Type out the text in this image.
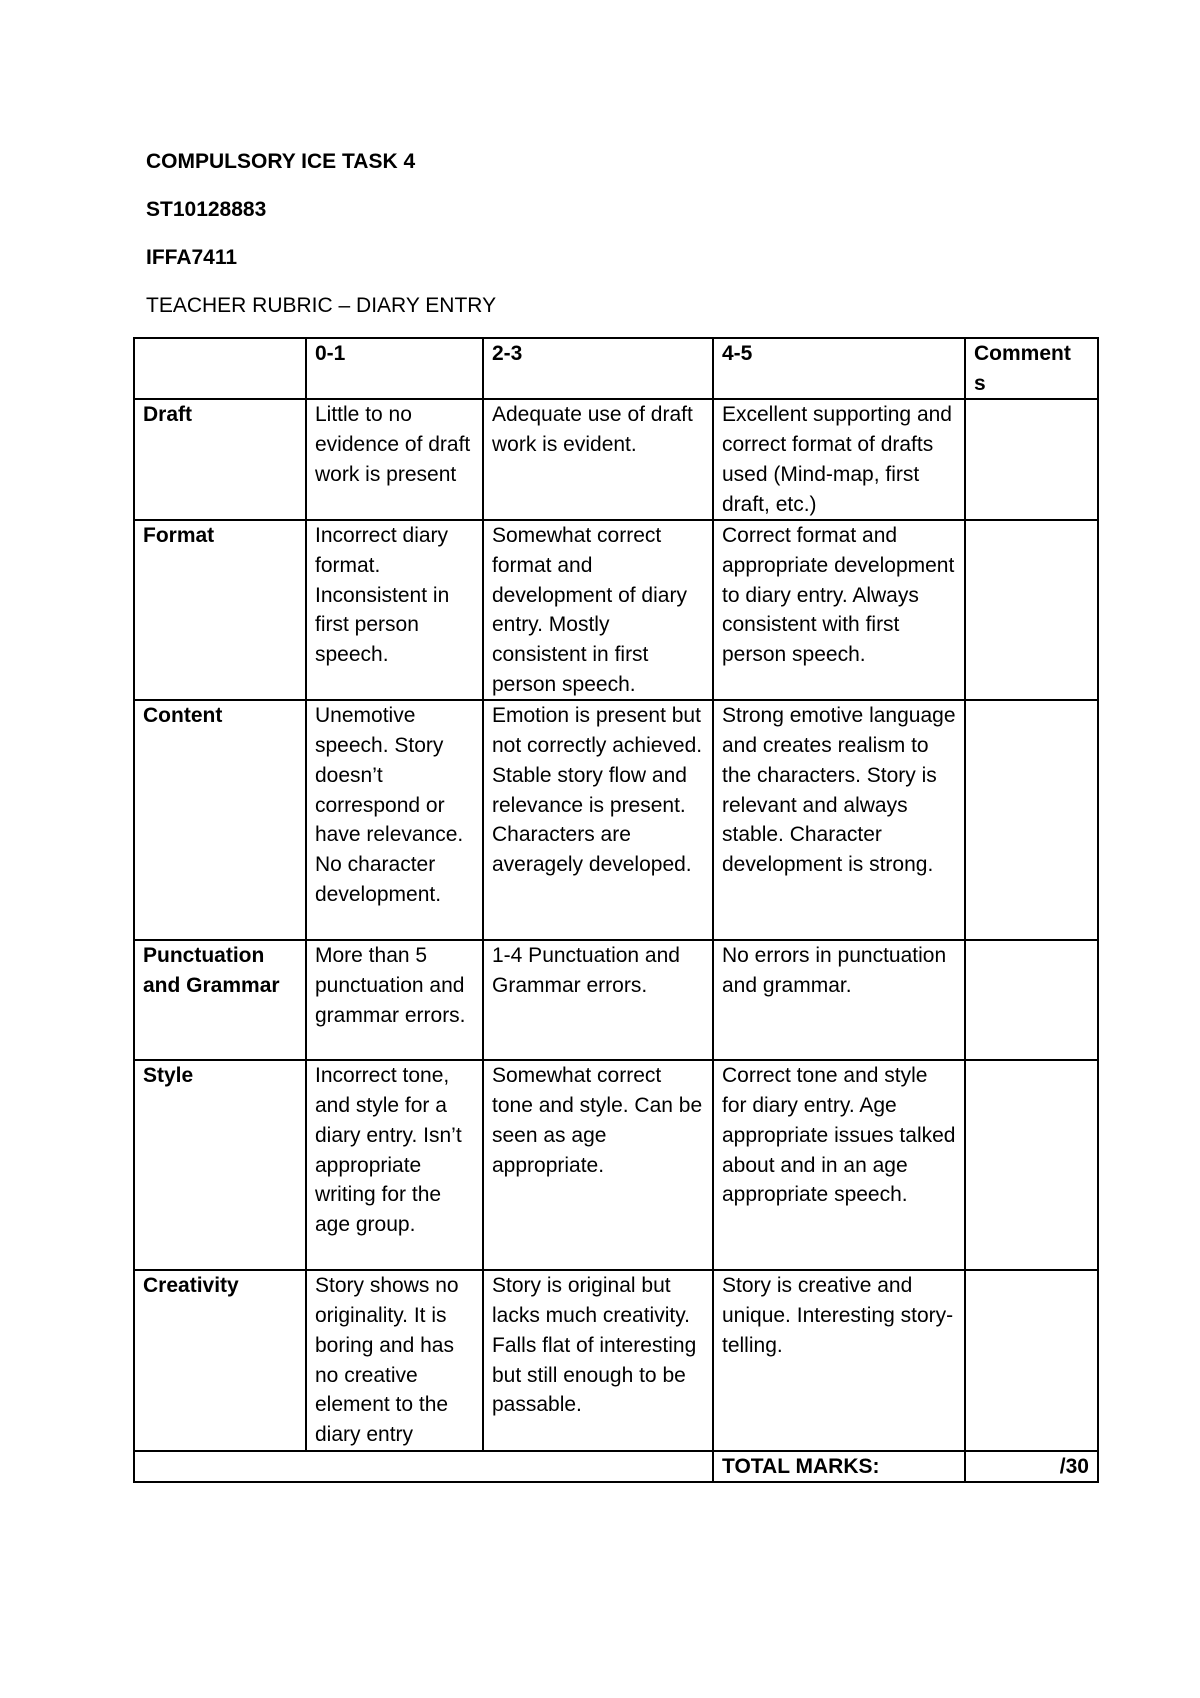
COMPULSORY ICE TASK 4
ST10128883
IFFA7411
TEACHER RUBRIC – DIARY ENTRY
	0-1	2-3	4-5	Comment
s
Draft	Little to no evidence of draft work is present	Adequate use of draft work is evident.	Excellent supporting and correct format of drafts used (Mind-map, first draft, etc.)	
Format	Incorrect diary format. Inconsistent in first person speech.	Somewhat correct format and development of diary entry. Mostly consistent in first person speech.	Correct format and appropriate development to diary entry. Always consistent with first person speech.	
Content	Unemotive speech. Story doesn’t correspond or have relevance. No character development.	Emotion is present but not correctly achieved. Stable story flow and relevance is present. Characters are averagely developed.	Strong emotive language and creates realism to the characters. Story is relevant and always stable. Character development is strong.	
Punctuation and Grammar	More than 5 punctuation and grammar errors.	1-4 Punctuation and Grammar errors.	No errors in punctuation and grammar.	
Style	Incorrect tone, and style for a diary entry. Isn’t appropriate writing for the age group.	Somewhat correct tone and style. Can be seen as age appropriate.	Correct tone and style for diary entry. Age appropriate issues talked about and in an age appropriate speech.	
Creativity	Story shows no originality. It is boring and has no creative element to the diary entry	Story is original but lacks much creativity. Falls flat of interesting but still enough to be passable.	Story is creative and unique. Interesting story-telling.	
			TOTAL MARKS:	/30
